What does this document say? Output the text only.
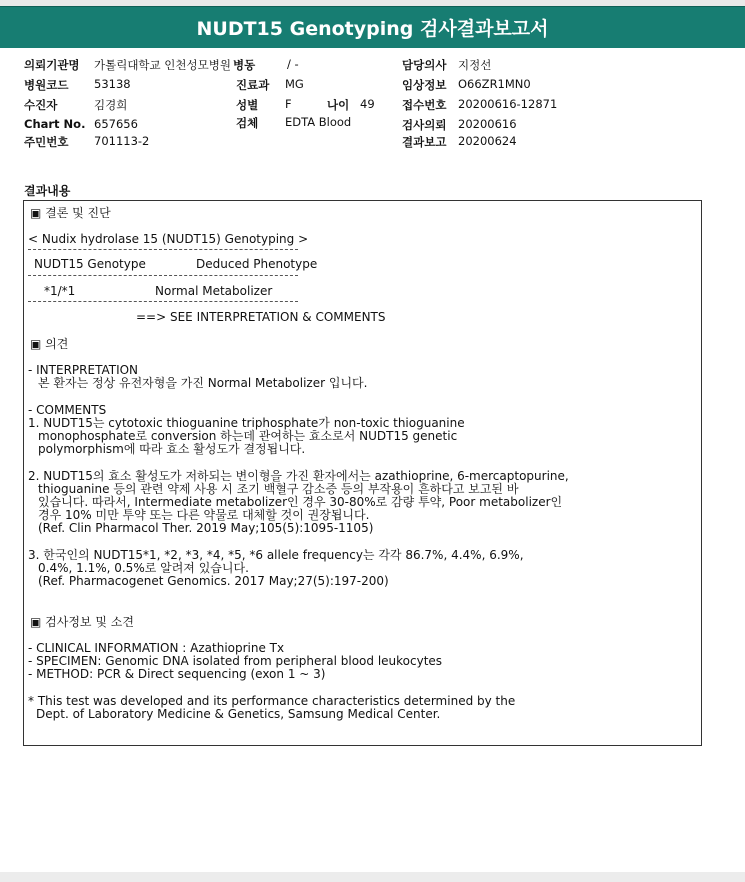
NUDT15 Genotyping 검사결과보고서
의뢰기관명 가톨릭대학교 인천성모병원 병동	/ -	담당의사 지정선
병원코드 53138	진료과 MG	임상정보 O66ZR1MN0
수진자	김경희	성별 F	나이 49 접수번호 20200616-12871
Chart No. 657656	검체 EDTA Blood	검사의뢰 20200616
주민번호 701113-2	결과보고 20200624
결과내용
▣ 결론 및 진단
< Nudix hydrolase 15 (NUDT15) Genotyping >
NUDT15 Genotype	Deduced Phenotype
*1/*1	Normal Metabolizer
==> SEE INTERPRETATION & COMMENTS
▣ 의견
- INTERPRETATION
본 환자는 정상 유전자형을 가진 Normal Metabolizer 입니다.
- COMMENTS
1. NUDT15는 cytotoxic thioguanine triphosphate가 non-toxic thioguanine
monophosphate로 conversion 하는데 관여하는 효소로서 NUDT15 genetic
polymorphism에 따라 효소 활성도가 결정됩니다.
2. NUDT15의 효소 활성도가 저하되는 변이형을 가진 환자에서는 azathioprine, 6-mercaptopurine,
thioguanine 등의 관련 약제 사용 시 조기 백혈구 감소증 등의 부작용이 흔하다고 보고된 바
있습니다. 따라서, Intermediate metabolizer인 경우 30-80%로 감량 투약, Poor metabolizer인
경우 10% 미만 투약 또는 다른 약물로 대체할 것이 권장됩니다.
(Ref. Clin Pharmacol Ther. 2019 May;105(5):1095-1105)
3. 한국인의 NUDT15*1, *2, *3, *4, *5, *6 allele frequency는 각각 86.7%, 4.4%, 6.9%,
0.4%, 1.1%, 0.5%로 알려져 있습니다.
(Ref. Pharmacogenet Genomics. 2017 May;27(5):197-200)
▣ 검사정보 및 소견
- CLINICAL INFORMATION : Azathioprine Tx
- SPECIMEN: Genomic DNA isolated from peripheral blood leukocytes
- METHOD: PCR & Direct sequencing (exon 1 ~ 3)
* This test was developed and its performance characteristics determined by the
Dept. of Laboratory Medicine & Genetics, Samsung Medical Center.
